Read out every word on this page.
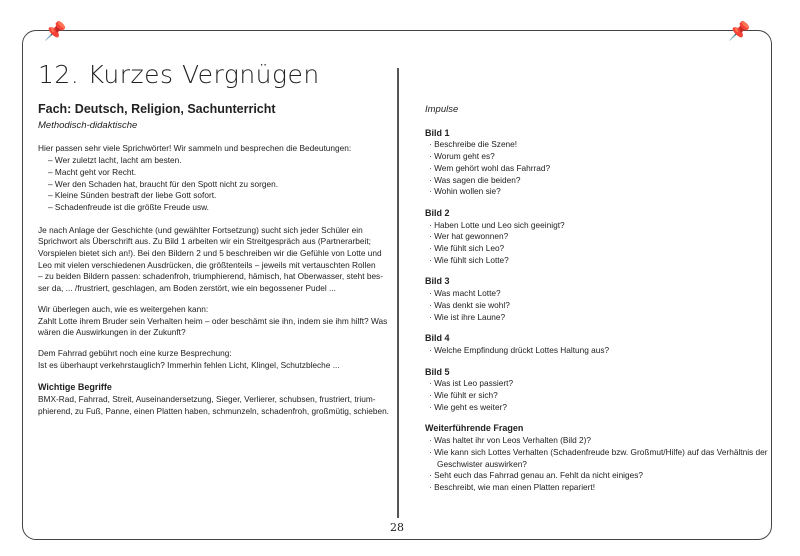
📌	📌
12. Kurzes Vergnügen

Fach: Deutsch, Religion, Sachunterricht

Methodisch-didaktische

Hier passen sehr viele Sprichwörter! Wir sammeln und besprechen die Bedeutungen:

– Wer zuletzt lacht, lacht am besten.

– Macht geht vor Recht.

– Wer den Schaden hat, braucht für den Spott nicht zu sorgen.

– Kleine Sünden bestraft der liebe Gott sofort.

– Schadenfreude ist die größte Freude usw.

Je nach Anlage der Geschichte (und gewählter Fortsetzung) sucht sich jeder Schüler ein

Sprichwort als Überschrift aus. Zu Bild 1 arbeiten wir ein Streitgespräch aus (Partnerarbeit;

Vorspielen bietet sich an!). Bei den Bildern 2 und 5 beschreiben wir die Gefühle von Lotte und

Leo mit vielen verschiedenen Ausdrücken, die größtenteils – jeweils mit vertauschten Rollen

– zu beiden Bildern passen: schadenfroh, triumphierend, hämisch, hat Oberwasser, steht bes-

ser da, ... /frustriert, geschlagen, am Boden zerstört, wie ein begossener Pudel ...

Wir überlegen auch, wie es weitergehen kann:

Zahlt Lotte ihrem Bruder sein Verhalten heim – oder beschämt sie ihn, indem sie ihm hilft? Was

wären die Auswirkungen in der Zukunft?

Dem Fahrrad gebührt noch eine kurze Besprechung:

Ist es überhaupt verkehrstauglich? Immerhin fehlen Licht, Klingel, Schutzbleche ...

Wichtige Begriffe

BMX-Rad, Fahrrad, Streit, Auseinandersetzung, Sieger, Verlierer, schubsen, frustriert, trium-

phierend, zu Fuß, Panne, einen Platten haben, schmunzeln, schadenfroh, großmütig, schieben.

Impulse

Bild 1

· Beschreibe die Szene!

· Worum geht es?

· Wem gehört wohl das Fahrrad?

· Was sagen die beiden?

· Wohin wollen sie?

Bild 2

· Haben Lotte und Leo sich geeinigt?

· Wer hat gewonnen?

· Wie fühlt sich Leo?

· Wie fühlt sich Lotte?

Bild 3

· Was macht Lotte?

· Was denkt sie wohl?

· Wie ist ihre Laune?

Bild 4

· Welche Empfindung drückt Lottes Haltung aus?

Bild 5

· Was ist Leo passiert?

· Wie fühlt er sich?

· Wie geht es weiter?

Weiterführende Fragen

· Was haltet ihr von Leos Verhalten (Bild 2)?

· Wie kann sich Lottes Verhalten (Schadenfreude bzw. Großmut/Hilfe) auf das Verhältnis der

Geschwister auswirken?

· Seht euch das Fahrrad genau an. Fehlt da nicht einiges?

· Beschreibt, wie man einen Platten repariert!

28
